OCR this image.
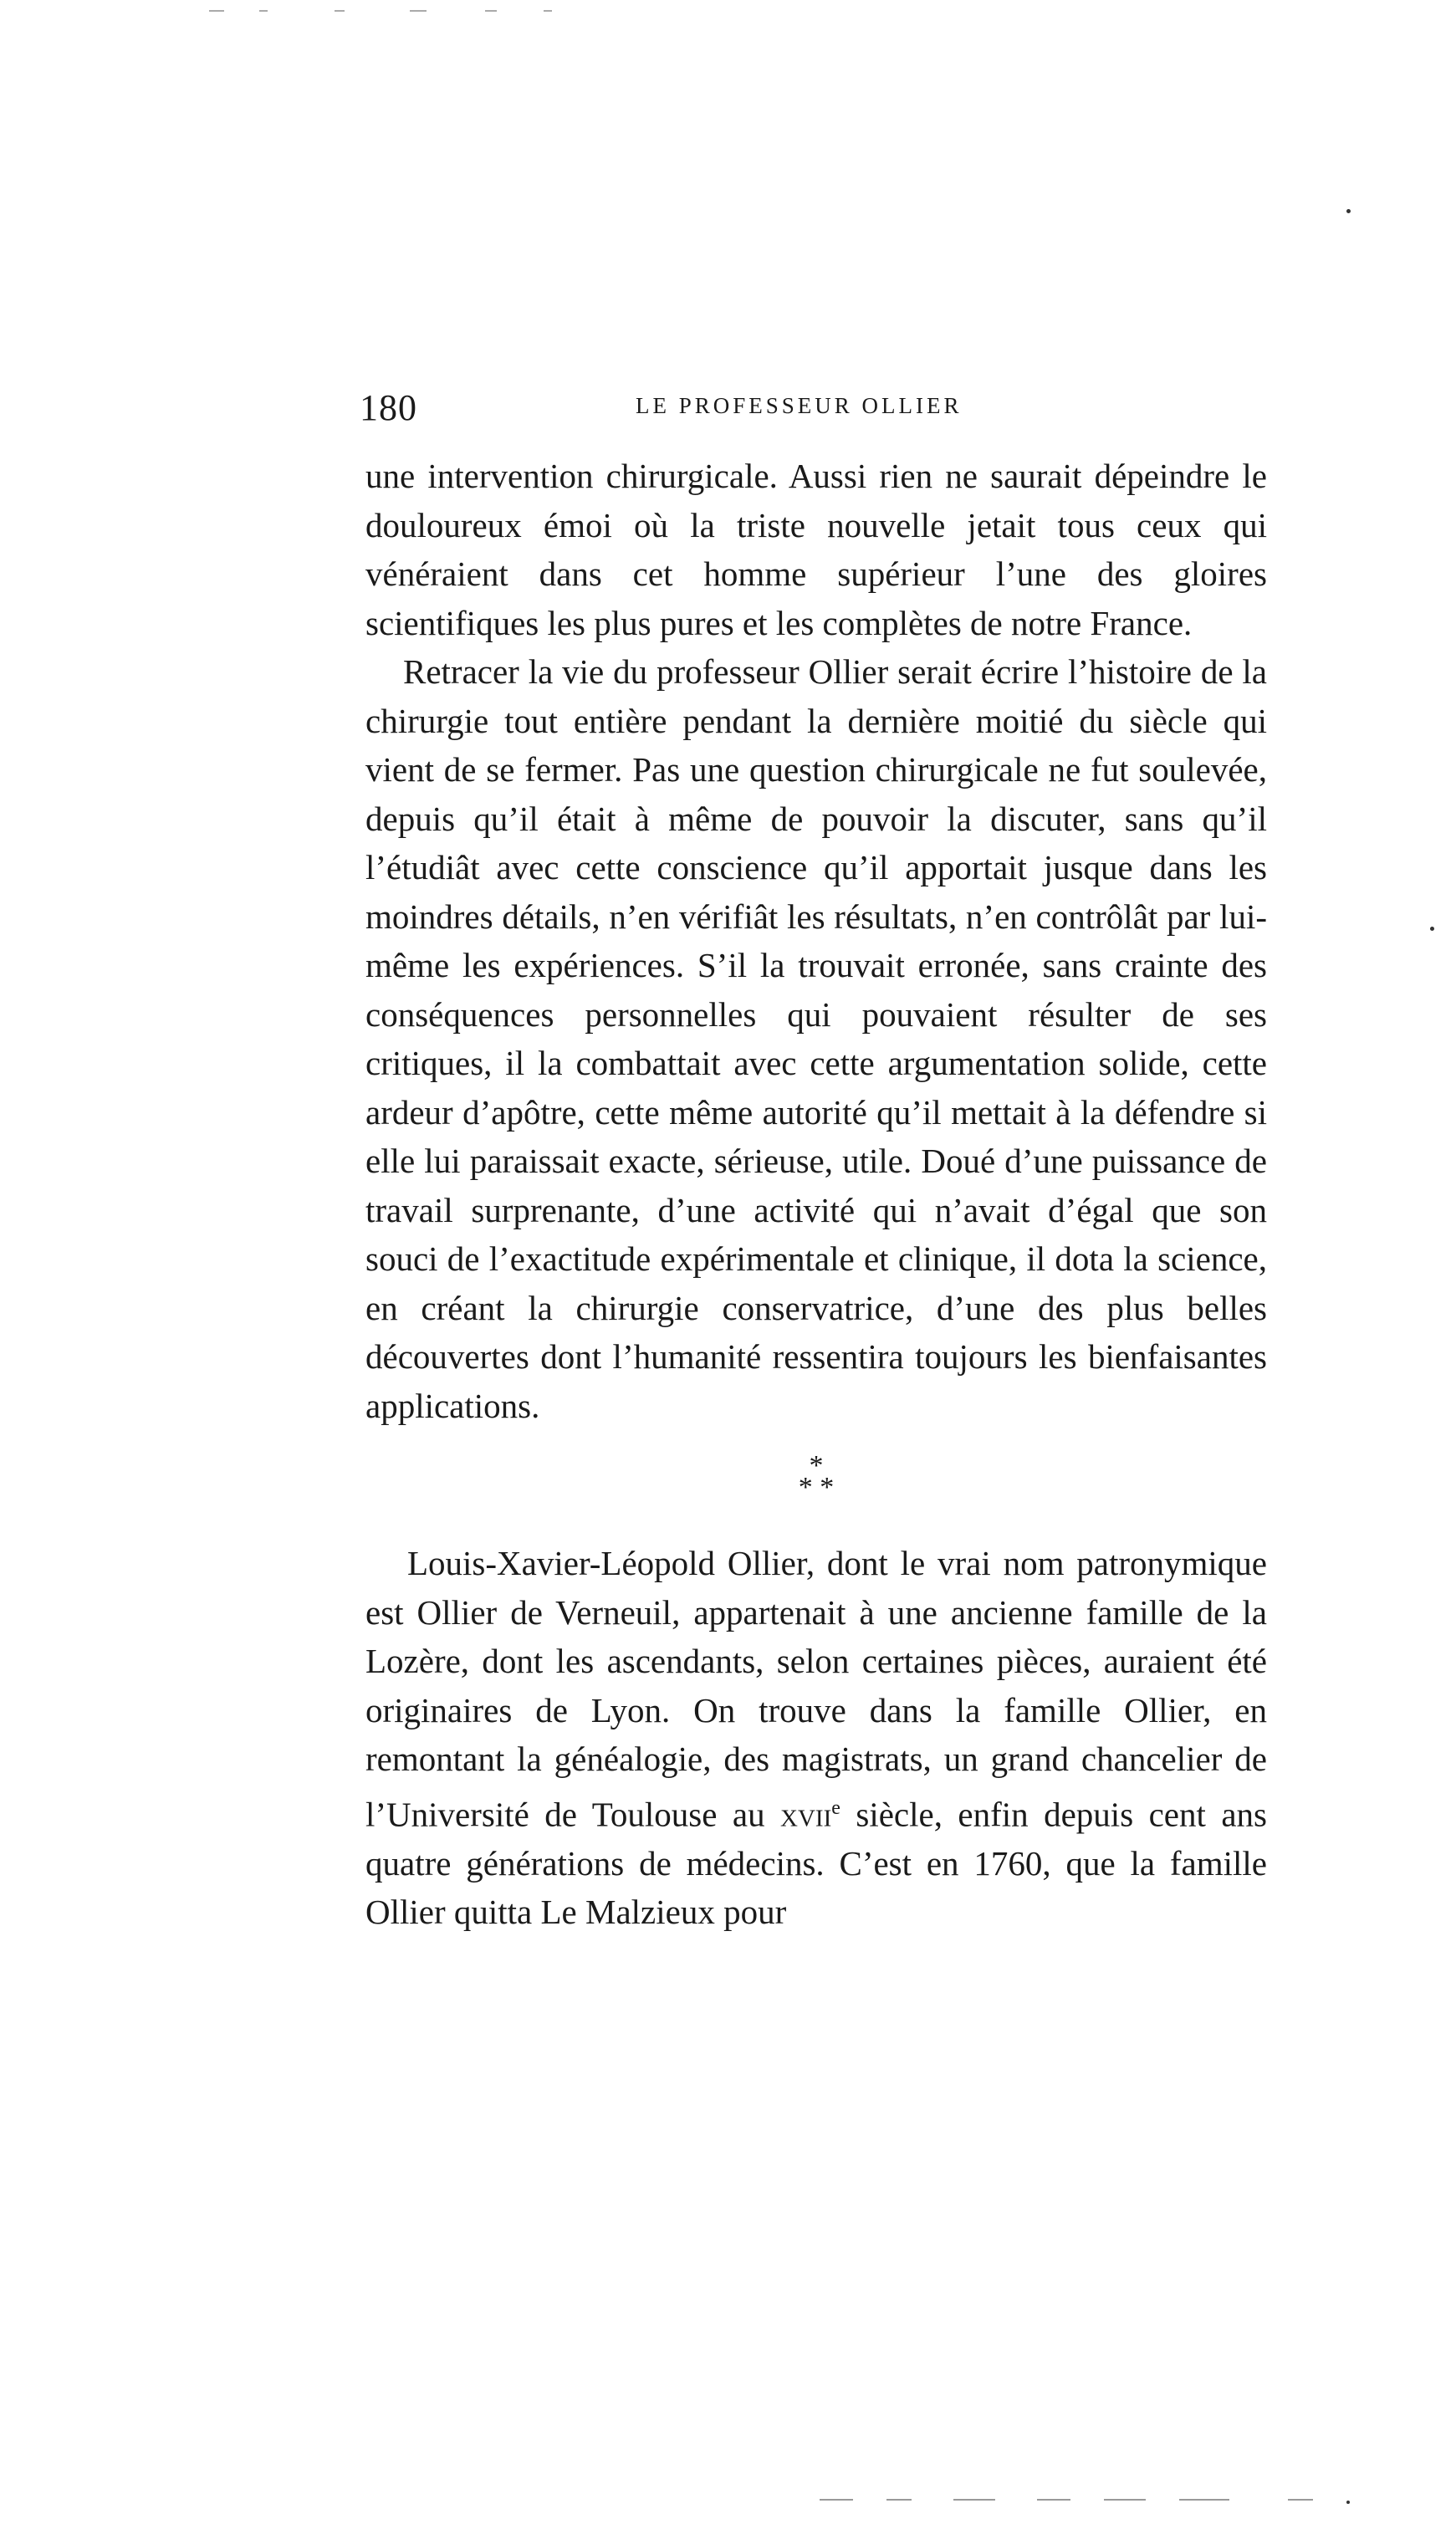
180	LE PROFESSEUR OLLIER

une intervention chirurgicale. Aussi rien ne saurait dépeindre le douloureux émoi où la triste nouvelle jetait tous ceux qui vénéraient dans cet homme supérieur l’une des gloires scientifiques les plus pures et les complètes de notre France.

Retracer la vie du professeur Ollier serait écrire l’histoire de la chirurgie tout entière pendant la dernière moitié du siècle qui vient de se fermer. Pas une question chirurgicale ne fut soulevée, depuis qu’il était à même de pouvoir la discuter, sans qu’il l’étudiât avec cette conscience qu’il apportait jusque dans les moindres détails, n’en vérifiât les résultats, n’en contrôlât par lui-même les expériences. S’il la trouvait erronée, sans crainte des conséquences personnelles qui pouvaient résulter de ses critiques, il la combattait avec cette argumentation solide, cette ardeur d’apôtre, cette même autorité qu’il mettait à la défendre si elle lui paraissait exacte, sérieuse, utile. Doué d’une puissance de travail surprenante, d’une activité qui n’avait d’égal que son souci de l’exactitude expérimentale et clinique, il dota la science, en créant la chirurgie conservatrice, d’une des plus belles découvertes dont l’humanité ressentira toujours les bienfaisantes applications.

*
* *

Louis-Xavier-Léopold Ollier, dont le vrai nom patronymique est Ollier de Verneuil, appartenait à une ancienne famille de la Lozère, dont les ascendants, selon certaines pièces, auraient été originaires de Lyon. On trouve dans la famille Ollier, en remontant la généalogie, des magistrats, un grand chancelier de l’Université de Toulouse au xvii$^e$ siècle, enfin depuis cent ans quatre générations de médecins. C’est en 1760, que la famille Ollier quitta Le Malzieux pour
